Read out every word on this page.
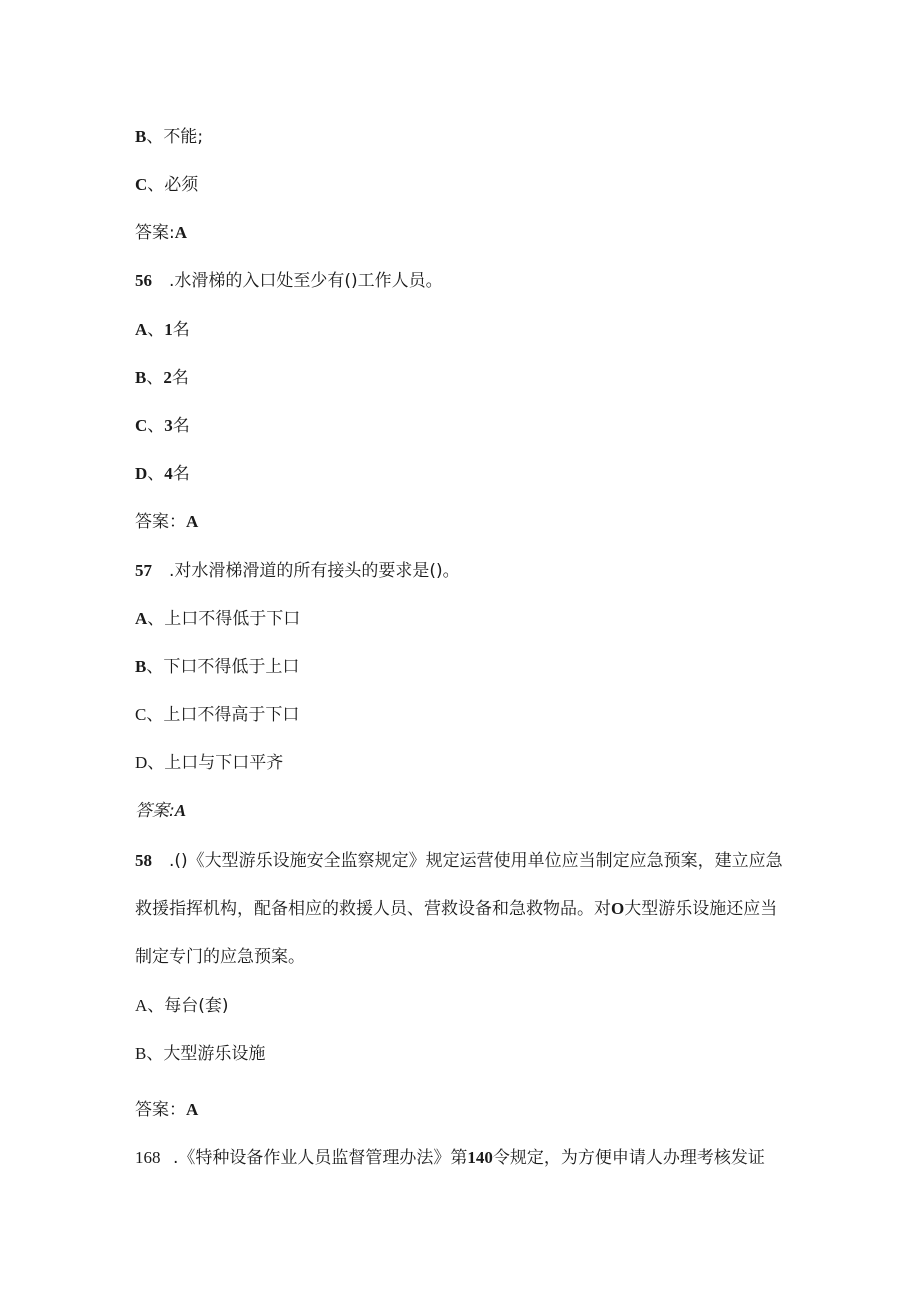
B、不能;
C、必须
答案:A
56 .水滑梯的入口处至少有()工作人员。
A、1名
B、2名
C、3名
D、4名
答案：A
57 .对水滑梯滑道的所有接头的要求是()。
A、上口不得低于下口
B、下口不得低于上口
C、上口不得高于下口
D、上口与下口平齐
答案:A
58 .()《大型游乐设施安全监察规定》规定运营使用单位应当制定应急预案，建立应急
救援指挥机构，配备相应的救援人员、营救设备和急救物品。对O大型游乐设施还应当
制定专门的应急预案。
A、每台(套)
B、大型游乐设施
答案：A
168 .《特种设备作业人员监督管理办法》第140令规定，为方便申请人办理考核发证
